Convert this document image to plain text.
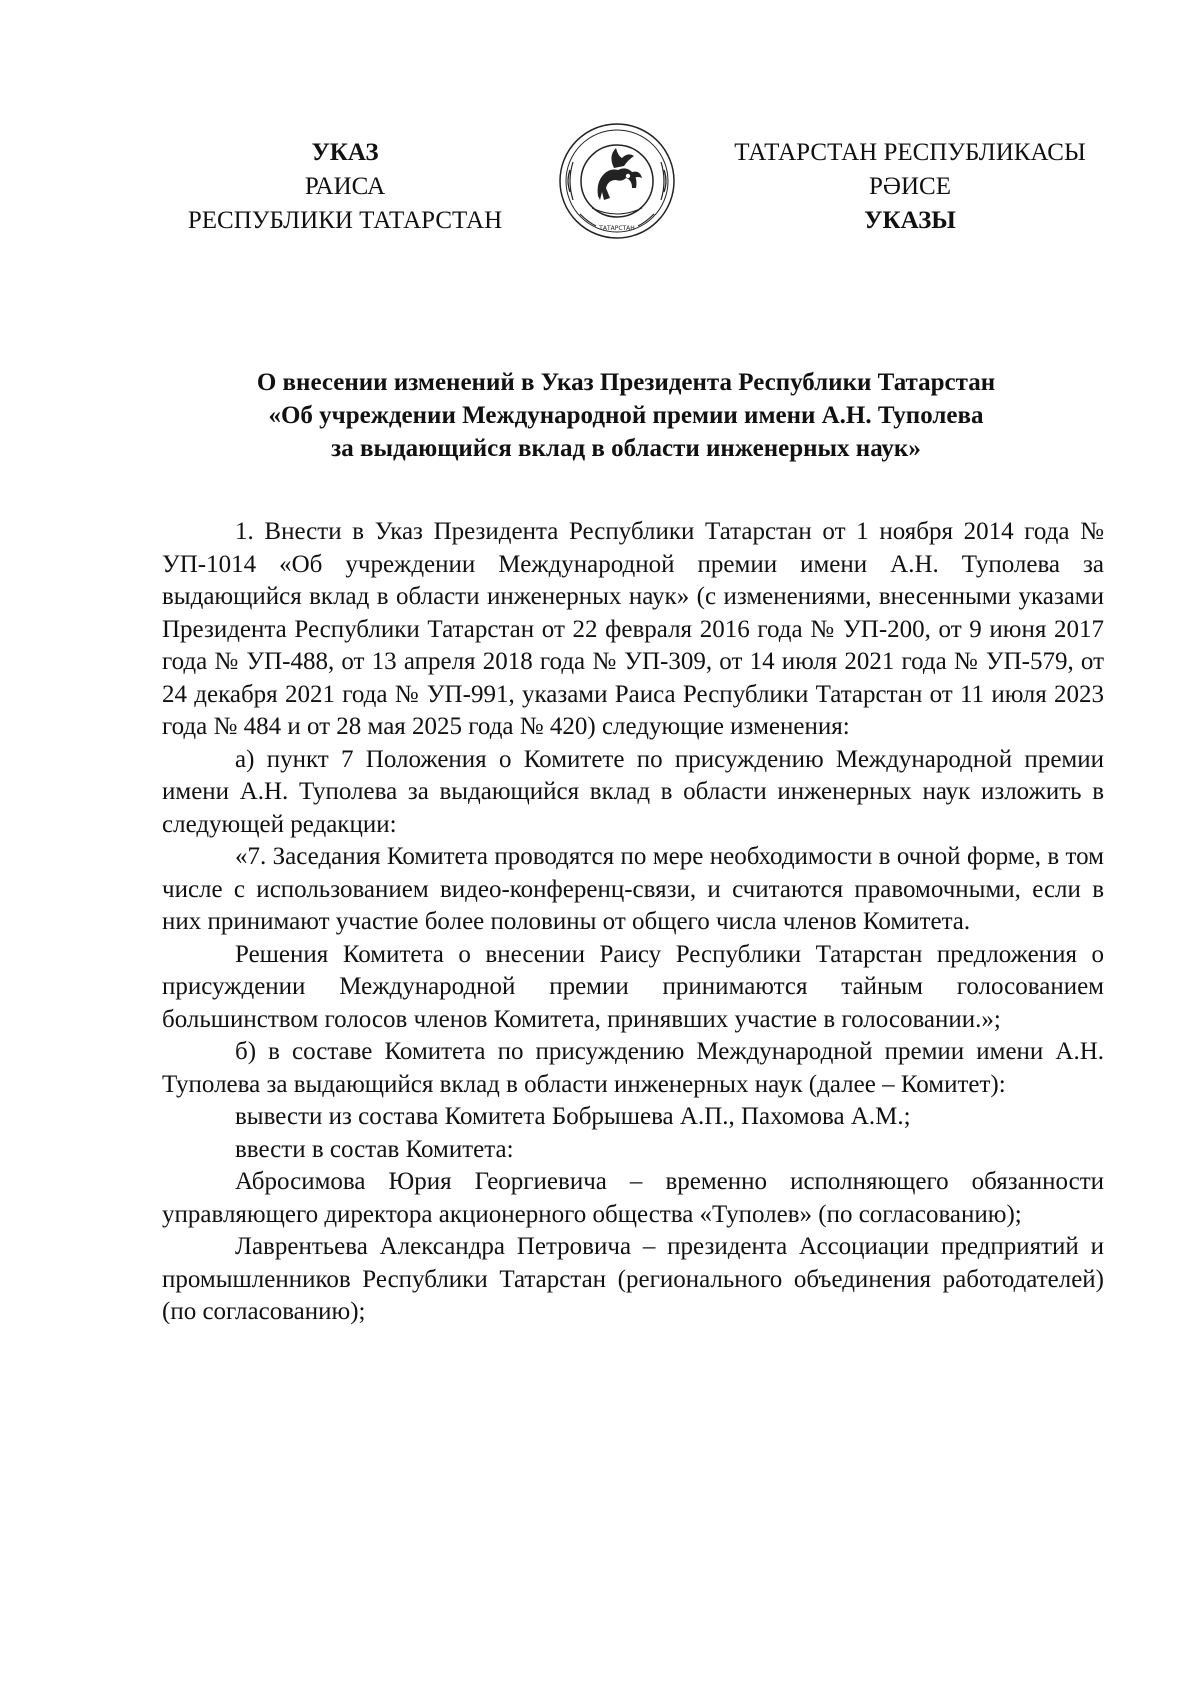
УКАЗ
РАИСА
РЕСПУБЛИКИ ТАТАРСТАН	ТАТАРСТАН
ТАТАРСТАН РЕСПУБЛИКАСЫ
РӘИСЕ
УКАЗЫ
О внесении изменений в Указ Президента Республики Татарстан
«Об учреждении Международной премии имени А.Н. Туполева
за выдающийся вклад в области инженерных наук»

1. Внести в Указ Президента Республики Татарстан от 1 ноября 2014 года № УП-1014 «Об учреждении Международной премии имени А.Н. Туполева за выдающийся вклад в области инженерных наук» (с изменениями, внесенными указами Президента Республики Татарстан от 22 февраля 2016 года № УП-200, от 9 июня 2017 года № УП-488, от 13 апреля 2018 года № УП-309, от 14 июля 2021 года № УП-579, от 24 декабря 2021 года № УП-991, указами Раиса Республики Татарстан от 11 июля 2023 года № 484 и от 28 мая 2025 года № 420) следующие изменения:

а) пункт 7 Положения о Комитете по присуждению Международной премии имени А.Н. Туполева за выдающийся вклад в области инженерных наук изложить в следующей редакции:

«7. Заседания Комитета проводятся по мере необходимости в очной форме, в том числе с использованием видео-конференц-связи, и считаются правомочными, если в них принимают участие более половины от общего числа членов Комитета.

Решения Комитета о внесении Раису Республики Татарстан предложения о присуждении Международной премии принимаются тайным голосованием большинством голосов членов Комитета, принявших участие в голосовании.»;

б) в составе Комитета по присуждению Международной премии имени А.Н. Туполева за выдающийся вклад в области инженерных наук (далее – Комитет):

вывести из состава Комитета Бобрышева А.П., Пахомова А.М.;

ввести в состав Комитета:

Абросимова Юрия Георгиевича – временно исполняющего обязанности управляющего директора акционерного общества «Туполев» (по согласованию);

Лаврентьева Александра Петровича – президента Ассоциации предприятий и промышленников Республики Татарстан (регионального объединения работодателей) (по согласованию);
